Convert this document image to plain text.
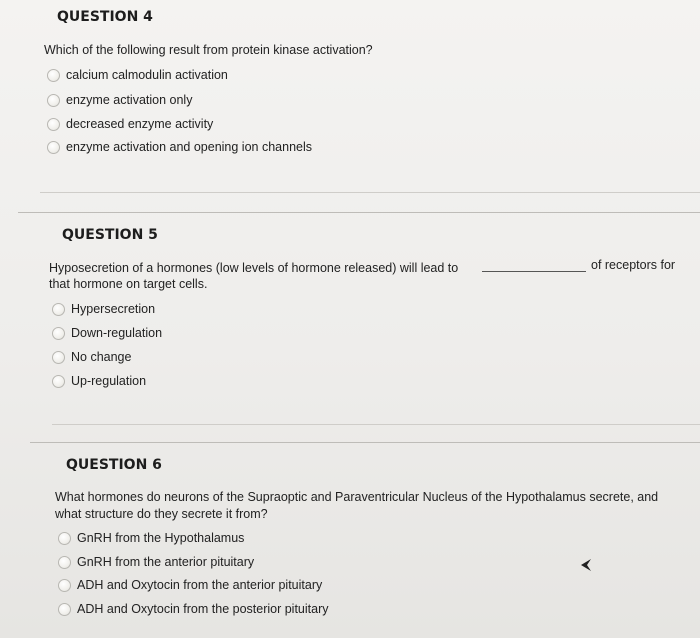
QUESTION 4
Which of the following result from protein kinase activation?
calcium calmodulin activation
enzyme activation only
decreased enzyme activity
enzyme activation and opening ion channels
QUESTION 5
Hyposecretion of a hormones (low levels of hormone released) will lead to	of receptors for
that hormone on target cells.
Hypersecretion
Down-regulation
No change
Up-regulation
QUESTION 6
What hormones do neurons of the Supraoptic and Paraventricular Nucleus of the Hypothalamus secrete, and
what structure do they secrete it from?
GnRH from the Hypothalamus
GnRH from the anterior pituitary
ADH and Oxytocin from the anterior pituitary
ADH and Oxytocin from the posterior pituitary
